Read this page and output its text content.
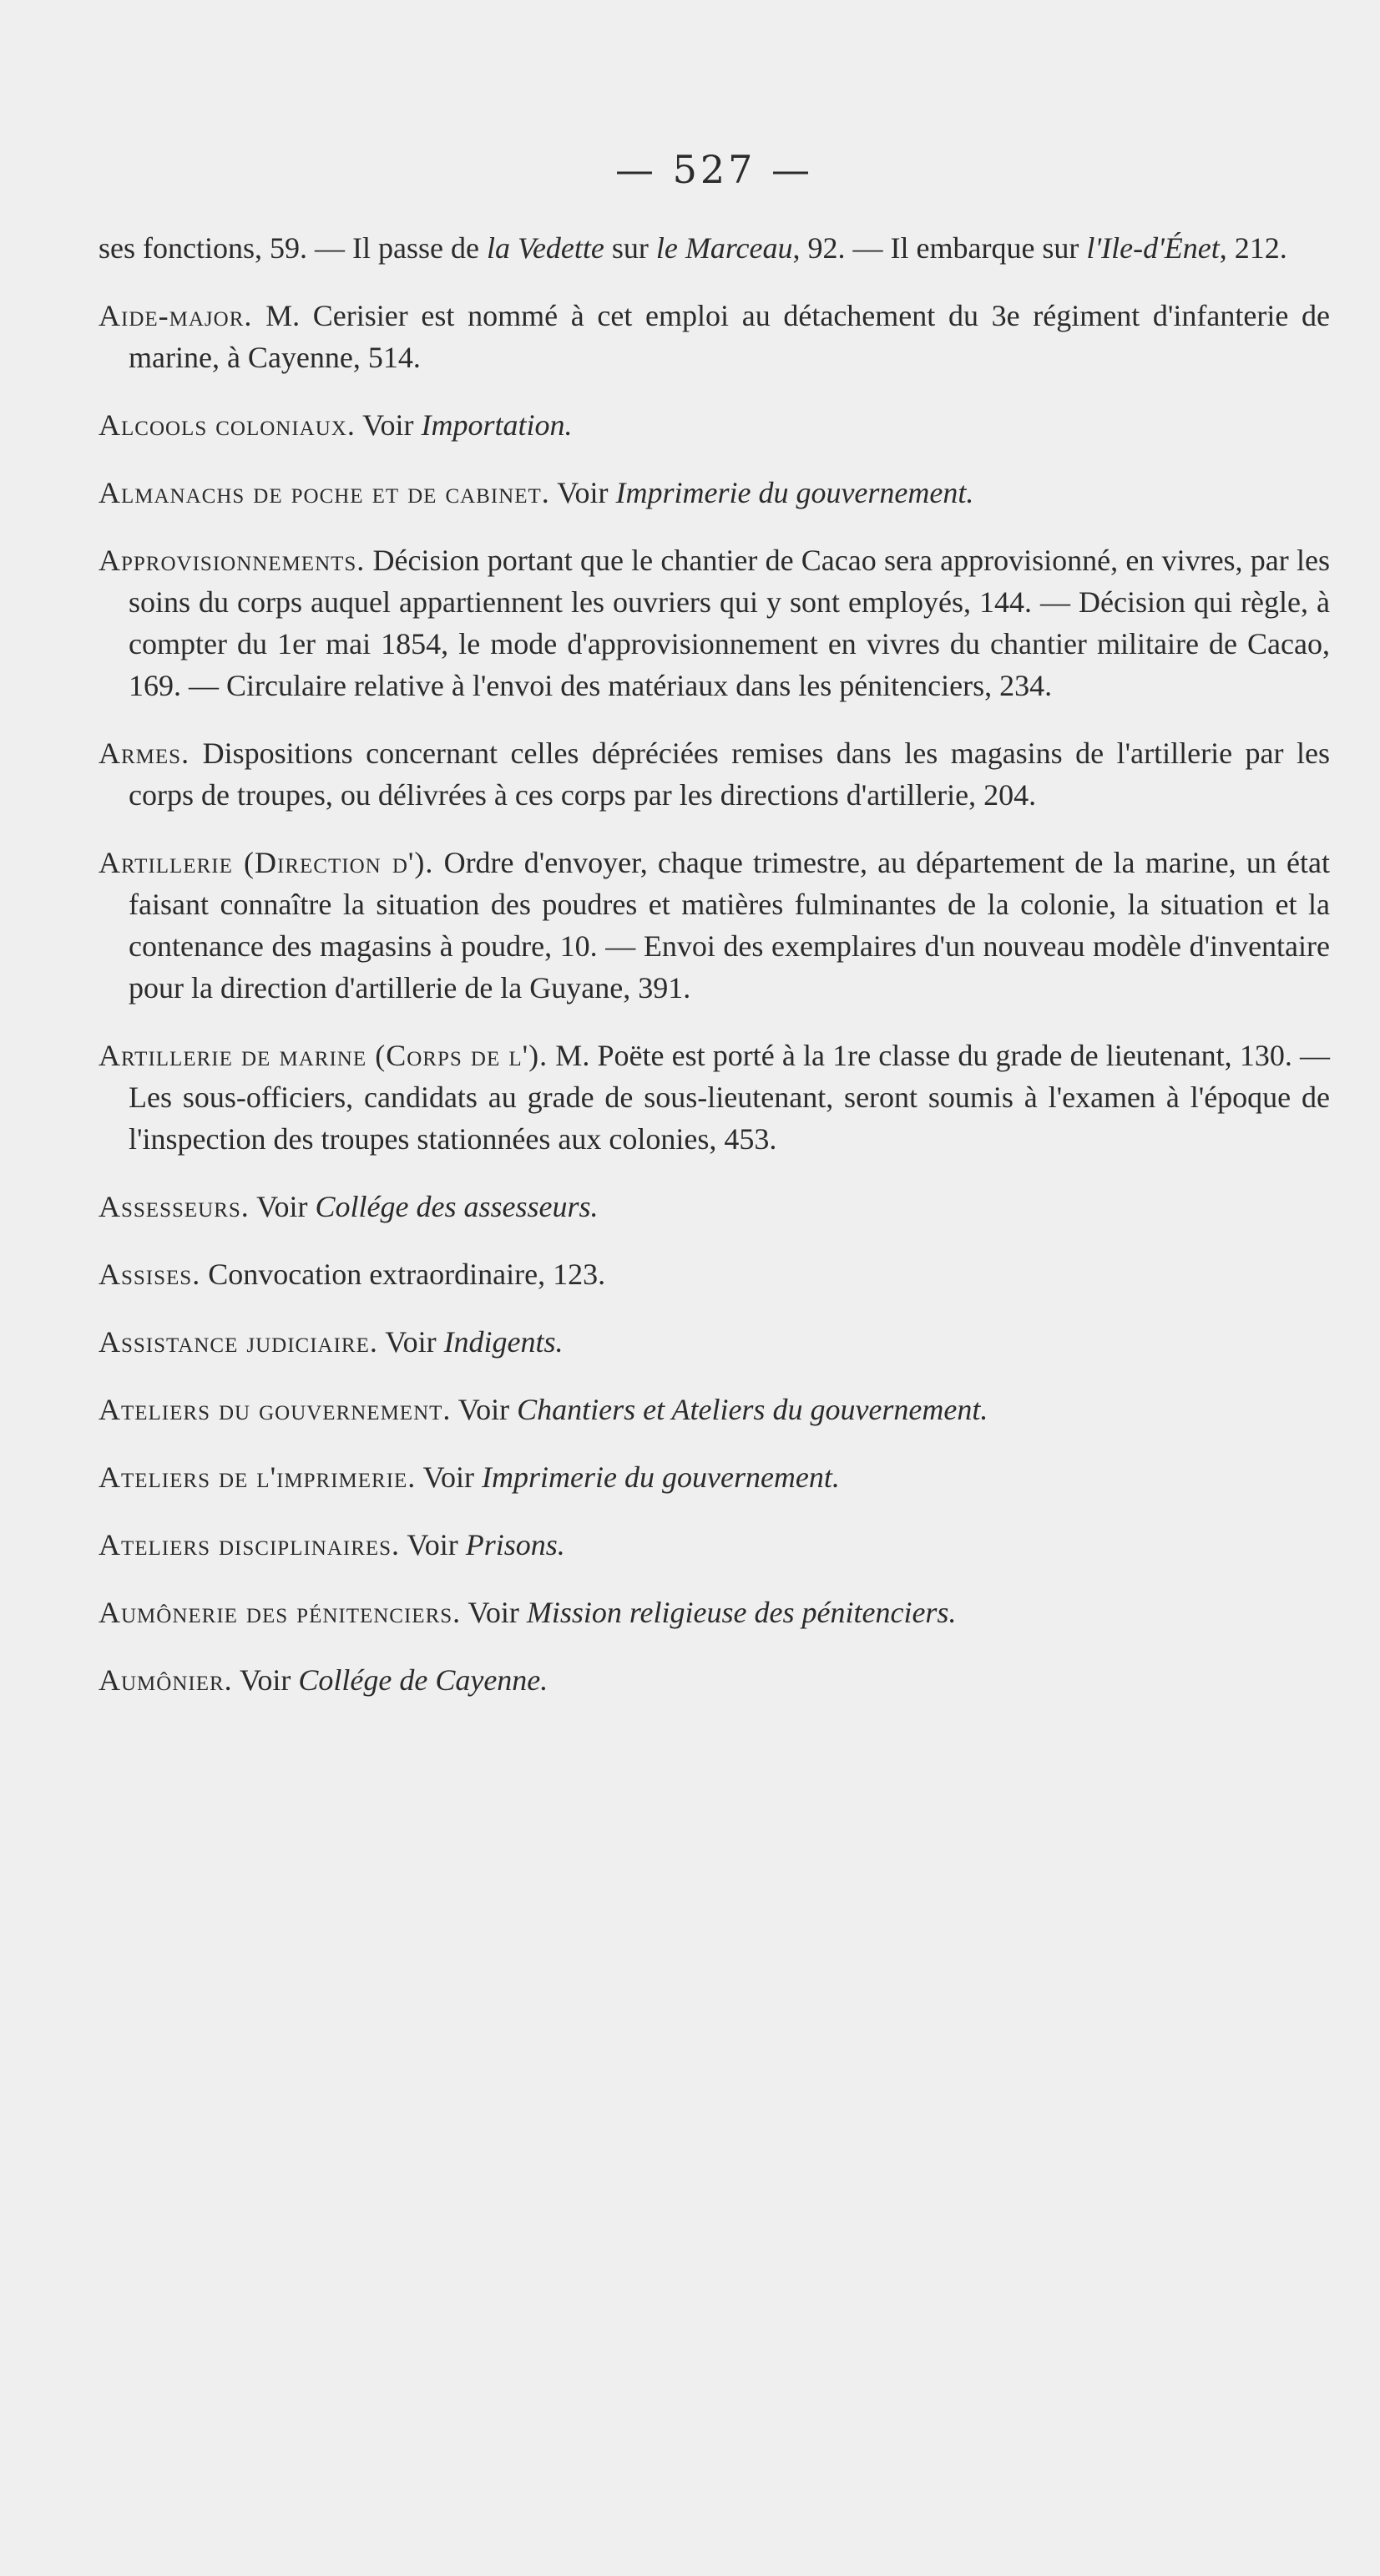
— 527 —

ses fonctions, 59. — Il passe de la Vedette sur le Marceau, 92. — Il embarque sur l'Ile-d'Énet, 212.

Aide-major. M. Cerisier est nommé à cet emploi au détachement du 3e régiment d'infanterie de marine, à Cayenne, 514.

Alcools coloniaux. Voir Importation.

Almanachs de poche et de cabinet. Voir Imprimerie du gouvernement.

Approvisionnements. Décision portant que le chantier de Cacao sera approvisionné, en vivres, par les soins du corps auquel appartiennent les ouvriers qui y sont employés, 144. — Décision qui règle, à compter du 1er mai 1854, le mode d'approvisionnement en vivres du chantier militaire de Cacao, 169. — Circulaire relative à l'envoi des matériaux dans les pénitenciers, 234.

Armes. Dispositions concernant celles dépréciées remises dans les magasins de l'artillerie par les corps de troupes, ou délivrées à ces corps par les directions d'artillerie, 204.

Artillerie (Direction d'). Ordre d'envoyer, chaque trimestre, au département de la marine, un état faisant connaître la situation des poudres et matières fulminantes de la colonie, la situation et la contenance des magasins à poudre, 10. — Envoi des exemplaires d'un nouveau modèle d'inventaire pour la direction d'artillerie de la Guyane, 391.

Artillerie de marine (Corps de l'). M. Poëte est porté à la 1re classe du grade de lieutenant, 130. — Les sous-officiers, candidats au grade de sous-lieutenant, seront soumis à l'examen à l'époque de l'inspection des troupes stationnées aux colonies, 453.

Assesseurs. Voir Collége des assesseurs.

Assises. Convocation extraordinaire, 123.

Assistance judiciaire. Voir Indigents.

Ateliers du gouvernement. Voir Chantiers et Ateliers du gouvernement.

Ateliers de l'imprimerie. Voir Imprimerie du gouvernement.

Ateliers disciplinaires. Voir Prisons.

Aumônerie des pénitenciers. Voir Mission religieuse des pénitenciers.

Aumônier. Voir Collége de Cayenne.
